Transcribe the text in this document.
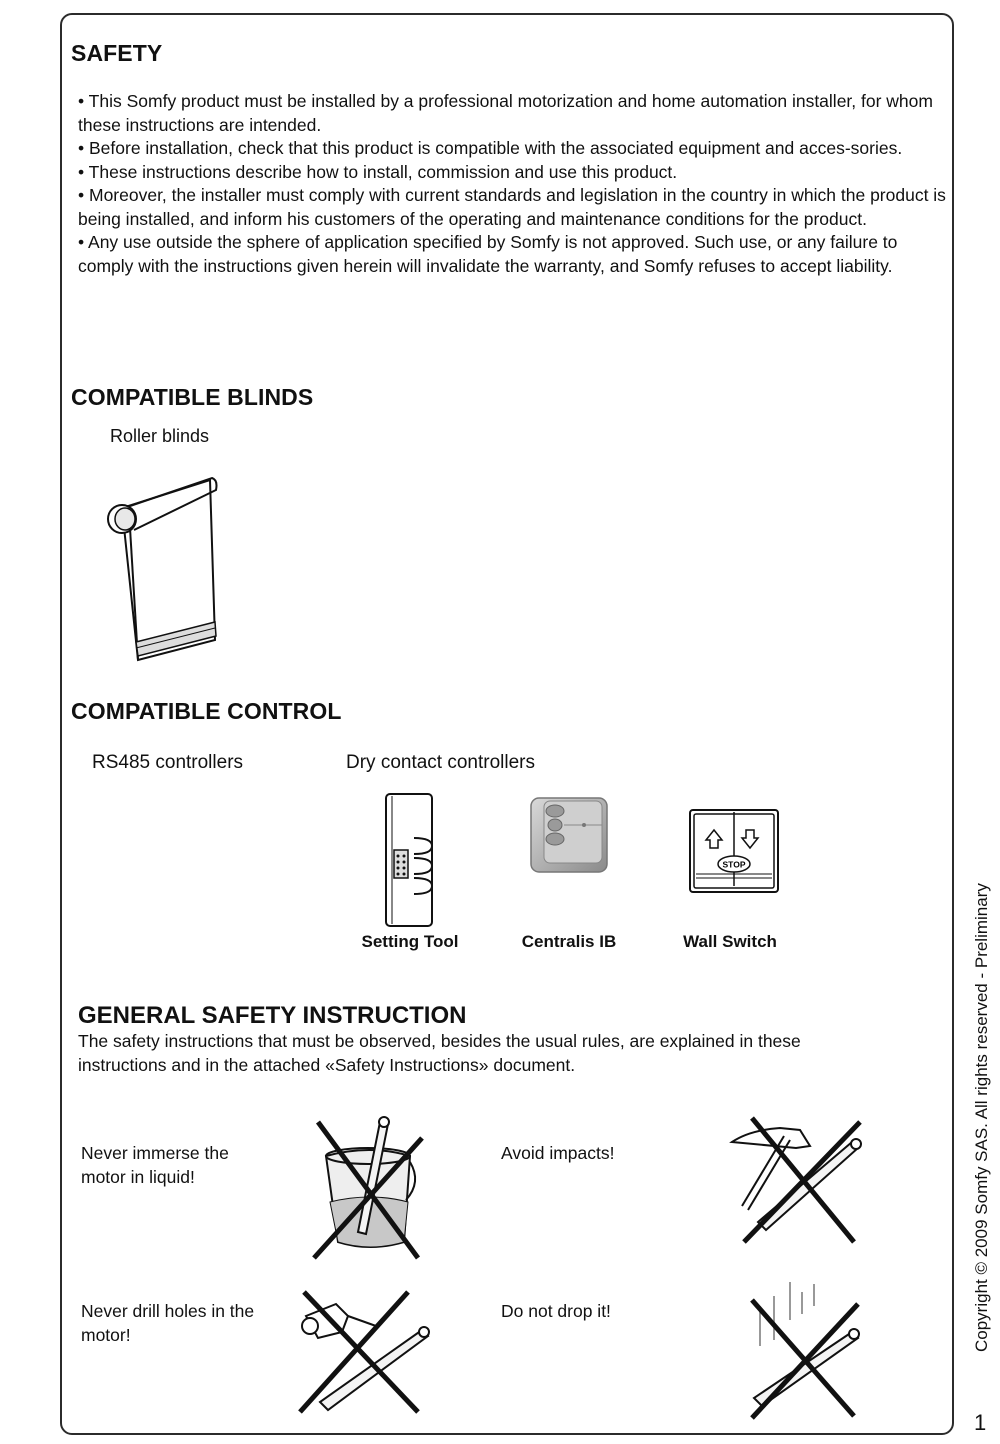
SAFETY

• This Somfy product must be installed by a professional motorization and home automation installer, for whom these instructions are intended.

• Before installation, check that this product is compatible with the associated equipment and acces-sories.

• These instructions describe how to install, commission and use this product.

• Moreover, the installer must comply with current standards and legislation in the country in which the product is being installed, and inform his customers of the operating and maintenance conditions for the product.

• Any use outside the sphere of application specified by Somfy is not approved. Such use, or any failure to comply with the instructions given herein will invalidate the warranty, and Somfy refuses to accept liability.

COMPATIBLE BLINDS
Roller blinds
COMPATIBLE CONTROL
RS485 controllers	Dry contact controllers
Setting Tool	Centralis IB
STOP
Wall Switch
GENERAL SAFETY INSTRUCTION
The safety instructions that must be observed, besides the usual rules, are explained in these instructions and in the attached «Safety Instructions» document.
Never immerse the motor in liquid!
Avoid impacts!
Never drill holes in the motor!
Do not drop it!	Copyright © 2009 Somfy SAS. All rights reserved - Preliminary
1
